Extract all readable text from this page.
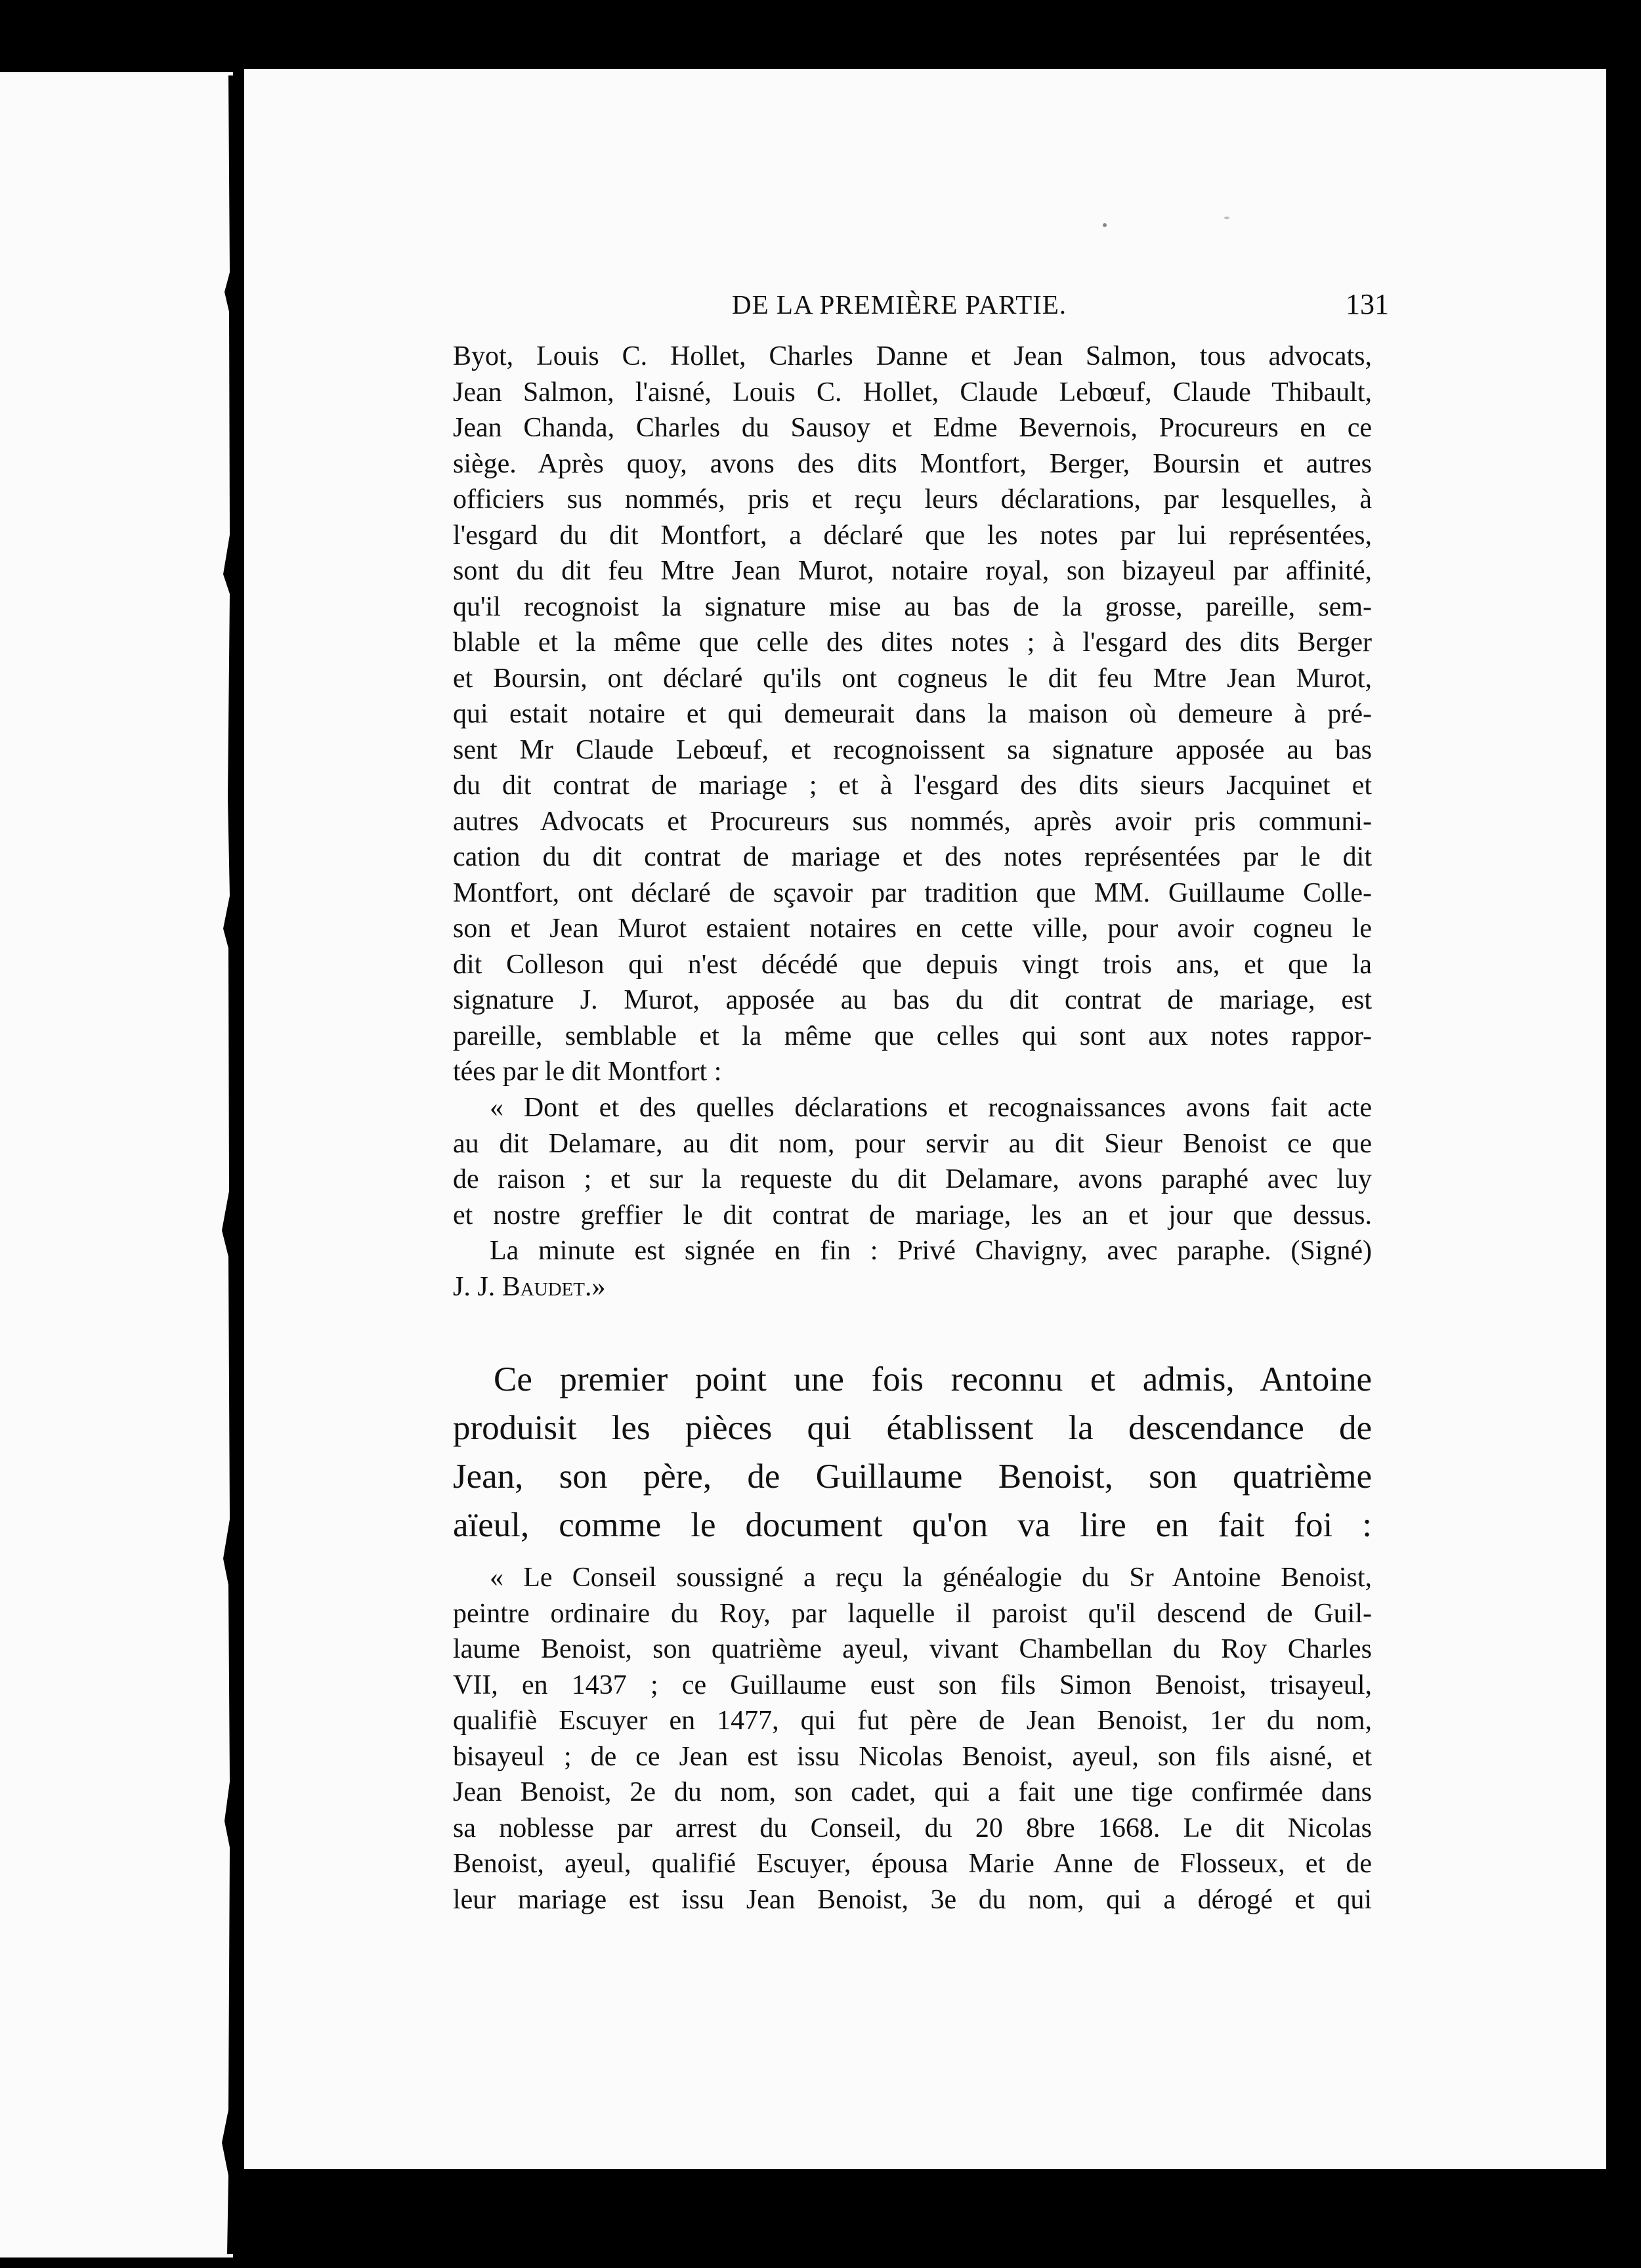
▴
DE LA PREMIÈRE PARTIE.	131
Byot, Louis C. Hollet, Charles Danne et Jean Salmon, tous advocats,
Jean Salmon, l'aisné, Louis C. Hollet, Claude Lebœuf, Claude Thibault,
Jean Chanda, Charles du Sausoy et Edme Bevernois, Procureurs en ce
siège. Après quoy, avons des dits Montfort, Berger, Boursin et autres
officiers sus nommés, pris et reçu leurs déclarations, par lesquelles, à
l'esgard du dit Montfort, a déclaré que les notes par lui représentées,
sont du dit feu Mtre Jean Murot, notaire royal, son bizayeul par affinité,
qu'il recognoist la signature mise au bas de la grosse, pareille, sem-
blable et la même que celle des dites notes ; à l'esgard des dits Berger
et Boursin, ont déclaré qu'ils ont cogneus le dit feu Mtre Jean Murot,
qui estait notaire et qui demeurait dans la maison où demeure à pré-
sent Mr Claude Lebœuf, et recognoissent sa signature apposée au bas
du dit contrat de mariage ; et à l'esgard des dits sieurs Jacquinet et
autres Advocats et Procureurs sus nommés, après avoir pris communi-
cation du dit contrat de mariage et des notes représentées par le dit
Montfort, ont déclaré de sçavoir par tradition que MM. Guillaume Colle-
son et Jean Murot estaient notaires en cette ville, pour avoir cogneu le
dit Colleson qui n'est décédé que depuis vingt trois ans, et que la
signature J. Murot, apposée au bas du dit contrat de mariage, est
pareille, semblable et la même que celles qui sont aux notes rappor-
tées par le dit Montfort :
« Dont et des quelles déclarations et recognaissances avons fait acte
au dit Delamare, au dit nom, pour servir au dit Sieur Benoist ce que
de raison ; et sur la requeste du dit Delamare, avons paraphé avec luy
et nostre greffier le dit contrat de mariage, les an et jour que dessus.
La minute est signée en fin : Privé Chavigny, avec paraphe. (Signé)
J. J. Baudet.»
Ce premier point une fois reconnu et admis, Antoine
produisit les pièces qui établissent la descendance de
Jean, son père, de Guillaume Benoist, son quatrième
aïeul, comme le document qu'on va lire en fait foi :
« Le Conseil soussigné a reçu la généalogie du Sr Antoine Benoist,
peintre ordinaire du Roy, par laquelle il paroist qu'il descend de Guil-
laume Benoist, son quatrième ayeul, vivant Chambellan du Roy Charles
VII, en 1437 ; ce Guillaume eust son fils Simon Benoist, trisayeul,
qualifiè Escuyer en 1477, qui fut père de Jean Benoist, 1er du nom,
bisayeul ; de ce Jean est issu Nicolas Benoist, ayeul, son fils aisné, et
Jean Benoist, 2e du nom, son cadet, qui a fait une tige confirmée dans
sa noblesse par arrest du Conseil, du 20 8bre 1668. Le dit Nicolas
Benoist, ayeul, qualifié Escuyer, épousa Marie Anne de Flosseux, et de
leur mariage est issu Jean Benoist, 3e du nom, qui a dérogé et qui
